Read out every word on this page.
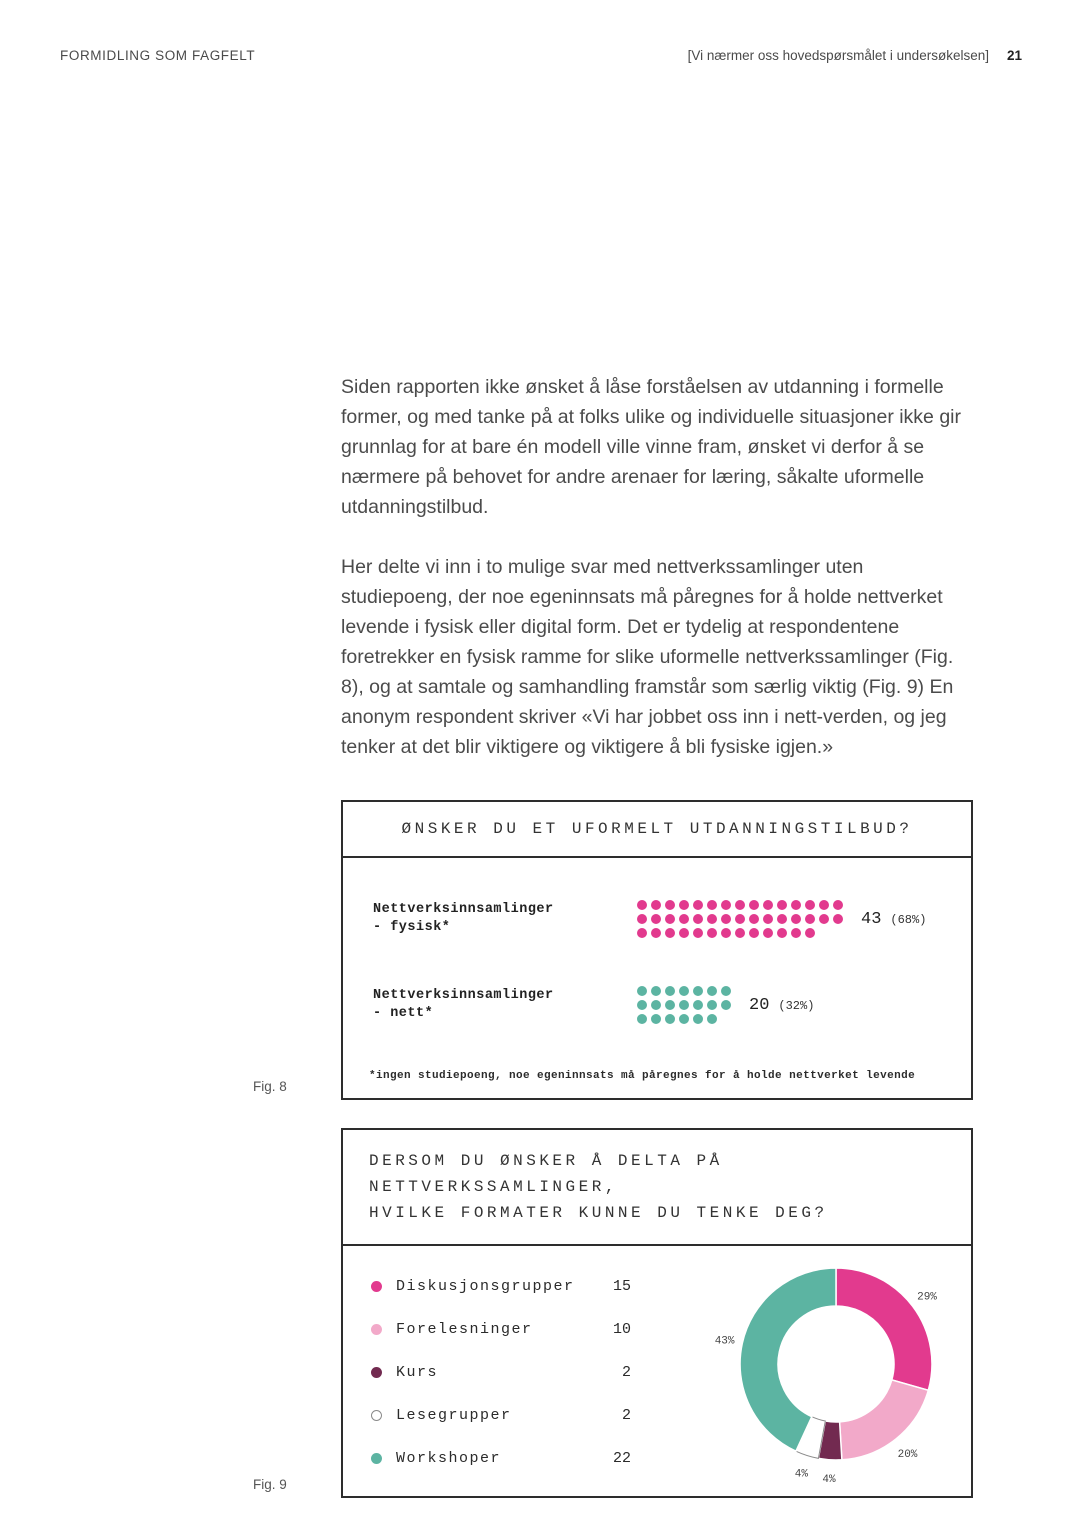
FORMIDLING SOM FAGFELT	[Vi nærmer oss hovedspørsmålet i undersøkelsen] 21

Siden rapporten ikke ønsket å låse forståelsen av utdanning i formelle former, og med tanke på at folks ulike og individuelle situasjoner ikke gir grunnlag for at bare én modell ville vinne fram, ønsket vi derfor å se nærmere på behovet for andre arenaer for læring, såkalte uformelle utdanningstilbud.

Her delte vi inn i to mulige svar med nettverkssamlinger uten studiepoeng, der noe egeninnsats må påregnes for å holde nettverket levende i fysisk eller digital form. Det er tydelig at respondentene foretrekker en fysisk ramme for slike uformelle nettverkssamlinger (Fig. 8), og at samtale og samhandling framstår som særlig viktig (Fig. 9) En anonym respondent skriver «Vi har jobbet oss inn i nett-verden, og jeg tenker at det blir viktigere og viktigere å bli fysiske igjen.»

ØNSKER DU ET UFORMELT UTDANNINGSTILBUD?
Nettverksinnsamlinger
- fysisk*	43 (68%)
Nettverksinnsamlinger
- nett*	20 (32%)
*ingen studiepoeng, noe egeninnsats må påregnes for å holde nettverket levende
Fig. 8
DERSOM DU ØNSKER Å DELTA PÅ NETTVERKSSAMLINGER,
HVILKE FORMATER KUNNE DU TENKE DEG?
Diskusjonsgrupper	15
Forelesninger	10
Kurs	2
Lesegrupper	2
Workshoper	22
29%
20%
4%
4%
43%
Fig. 9
